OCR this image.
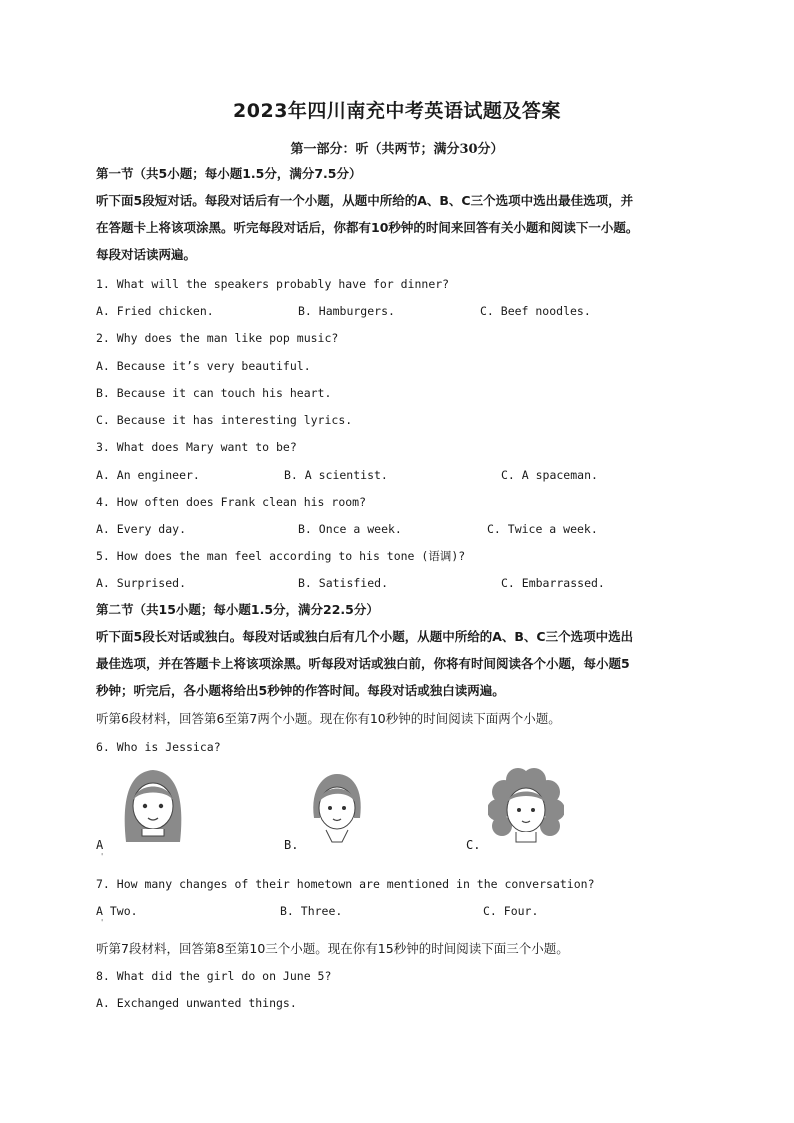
2023年四川南充中考英语试题及答案
第一部分：听（共两节；满分30分）
第一节（共5小题；每小题1.5分，满分7.5分）
听下面5段短对话。每段对话后有一个小题，从题中所给的A、B、C三个选项中选出最佳选项，并
在答题卡上将该项涂黑。听完每段对话后，你都有10秒钟的时间来回答有关小题和阅读下一小题。
每段对话读两遍。
1. What will the speakers probably have for dinner?
A. Fried chicken.	B. Hamburgers.	C. Beef noodles.
2. Why does the man like pop music?
A. Because it’s very beautiful.
B. Because it can touch his heart.
C. Because it has interesting lyrics.
3. What does Mary want to be?
A. An engineer.	B. A scientist.	C. A spaceman.
4. How often does Frank clean his room?
A. Every day.	B. Once a week.	C. Twice a week.
5. How does the man feel according to his tone (语调)?
A. Surprised.	B. Satisfied.	C. Embarrassed.
第二节（共15小题；每小题1.5分，满分22.5分）
听下面5段长对话或独白。每段对话或独白后有几个小题，从题中所给的A、B、C三个选项中选出
最佳选项，并在答题卡上将该项涂黑。听每段对话或独白前，你将有时间阅读各个小题，每小题5
秒钟；听完后，各小题将给出5秒钟的作答时间。每段对话或独白读两遍。
听第6段材料，回答第6至第7两个小题。现在你有10秒钟的时间阅读下面两个小题。
6. Who is Jessica?
A
'
B.	C.
7. How many changes of their hometown are mentioned in the conversation?
A Two.	B. Three.	C. Four.
'
听第7段材料，回答第8至第10三个小题。现在你有15秒钟的时间阅读下面三个小题。
8. What did the girl do on June 5?
A. Exchanged unwanted things.
